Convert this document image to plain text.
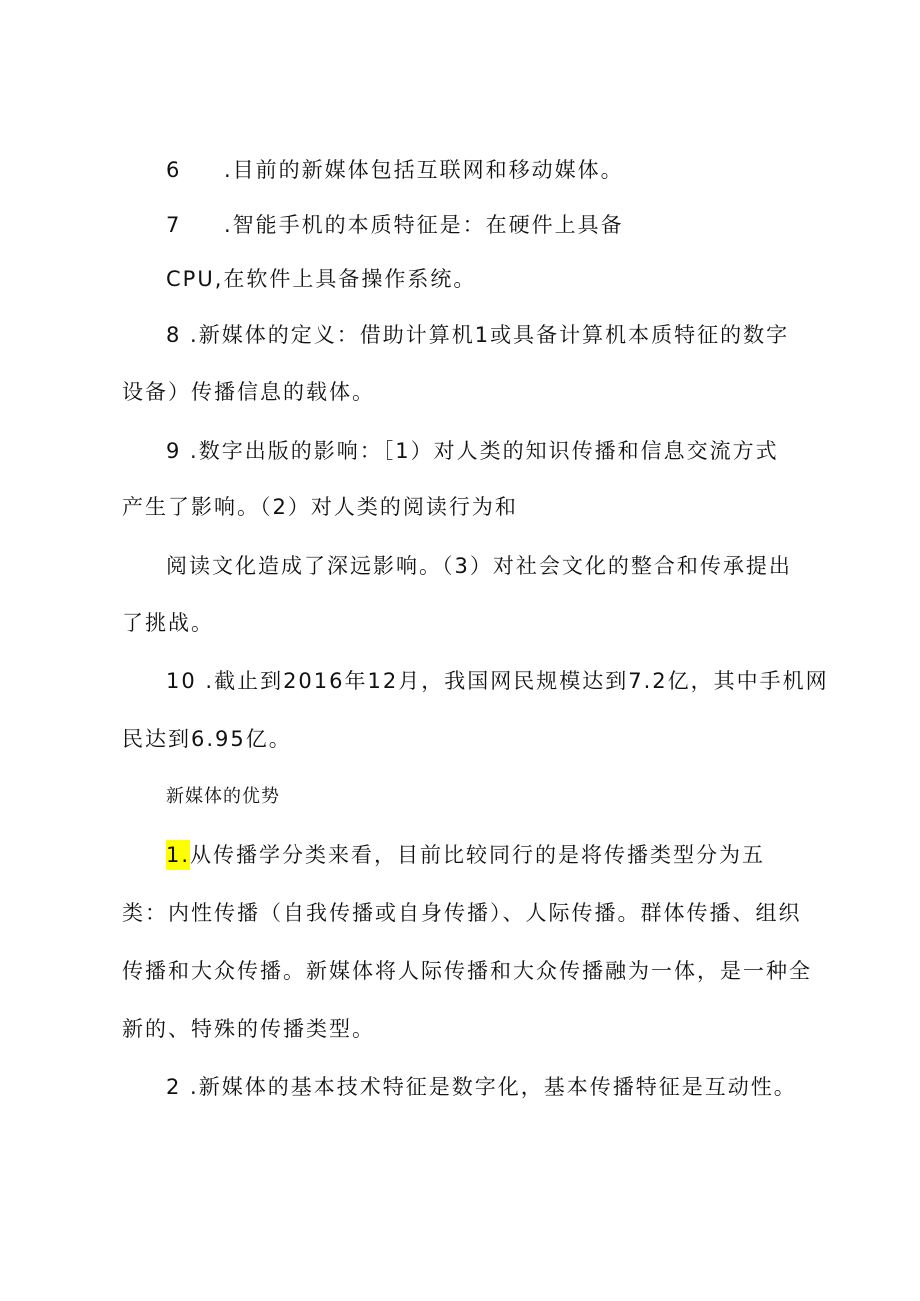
6 .目前的新媒体包括互联网和移动媒体。
7 .智能手机的本质特征是：在硬件上具备
CPU,在软件上具备操作系统。
8 .新媒体的定义：借助计算机1或具备计算机本质特征的数字
设备）传播信息的载体。
9 .数字出版的影响：［1）对人类的知识传播和信息交流方式
产生了影响。（2）对人类的阅读行为和
阅读文化造成了深远影响。（3）对社会文化的整合和传承提出
了挑战。
10 .截止到2016年12月，我国网民规模达到7.2亿，其中手机网
民达到6.95亿。
新媒体的优势
1.从传播学分类来看，目前比较同行的是将传播类型分为五
类：内性传播（自我传播或自身传播）、人际传播。群体传播、组织
传播和大众传播。新媒体将人际传播和大众传播融为一体，是一种全
新的、特殊的传播类型。
2 .新媒体的基本技术特征是数字化，基本传播特征是互动性。
